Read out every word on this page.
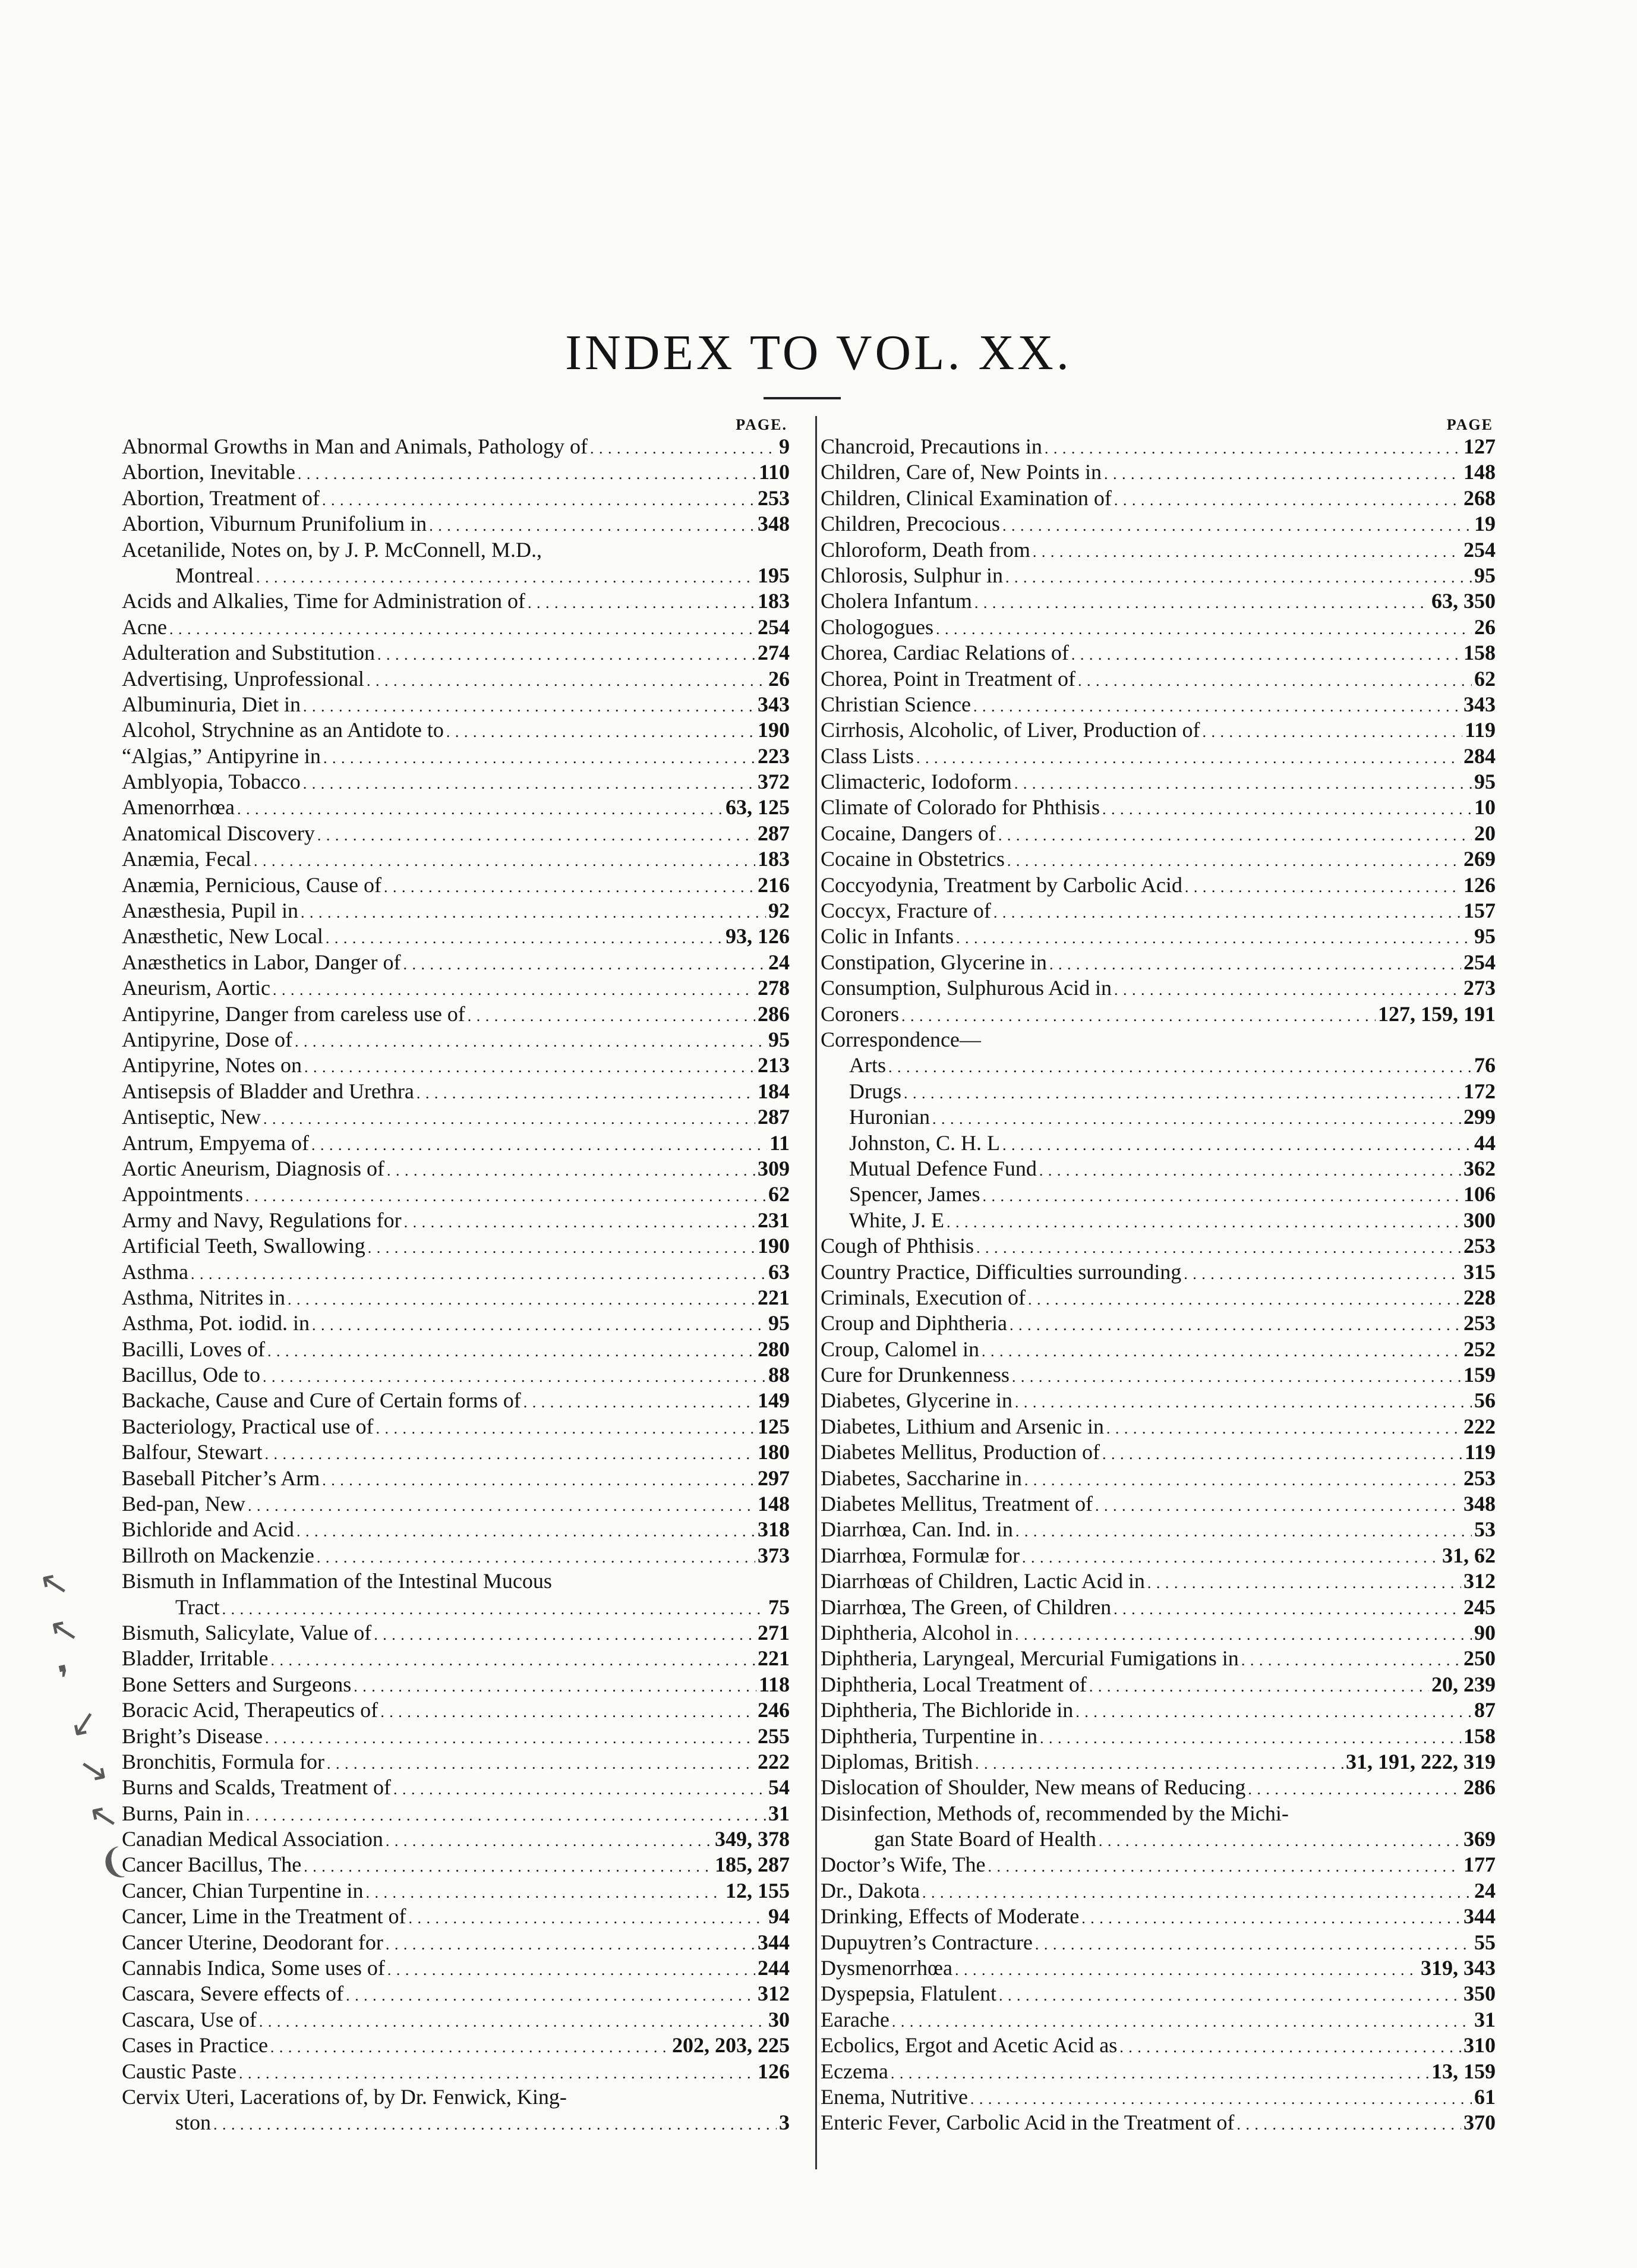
INDEX TO VOL. XX.
↖
↖
❜
↙
↘
↖
❨
PAGE.
Abnormal Growths in Man and Animals, Pathology of . . .	9
Abortion, Inevitable . . .	110
Abortion, Treatment of . . .	253
Abortion, Viburnum Prunifolium in . . .	348
Acetanilide, Notes on, by J. P. McConnell, M.D.,
Montreal . . .	195
Acids and Alkalies, Time for Administration of . . .	183
Acne . . .	254
Adulteration and Substitution . . .	274
Advertising, Unprofessional . . .	26
Albuminuria, Diet in . . .	343
Alcohol, Strychnine as an Antidote to . . .	190
“Algias,” Antipyrine in . . .	223
Amblyopia, Tobacco . . .	372
Amenorrhœa . . .	63, 125
Anatomical Discovery . . .	287
Anæmia, Fecal . . .	183
Anæmia, Pernicious, Cause of . . .	216
Anæsthesia, Pupil in . . .	92
Anæsthetic, New Local . . .	93, 126
Anæsthetics in Labor, Danger of . . .	24
Aneurism, Aortic . . .	278
Antipyrine, Danger from careless use of . . .	286
Antipyrine, Dose of . . .	95
Antipyrine, Notes on . . .	213
Antisepsis of Bladder and Urethra . . .	184
Antiseptic, New . . .	287
Antrum, Empyema of . . .	11
Aortic Aneurism, Diagnosis of . . .	309
Appointments . . .	62
Army and Navy, Regulations for . . .	231
Artificial Teeth, Swallowing . . .	190
Asthma . . .	63
Asthma, Nitrites in . . .	221
Asthma, Pot. iodid. in . . .	95
Bacilli, Loves of . . .	280
Bacillus, Ode to . . .	88
Backache, Cause and Cure of Certain forms of . . .	149
Bacteriology, Practical use of . . .	125
Balfour, Stewart . . .	180
Baseball Pitcher’s Arm . . .	297
Bed-pan, New . . .	148
Bichloride and Acid . . .	318
Billroth on Mackenzie . . .	373
Bismuth in Inflammation of the Intestinal Mucous
Tract . . .	75
Bismuth, Salicylate, Value of . . .	271
Bladder, Irritable . . .	221
Bone Setters and Surgeons . . .	118
Boracic Acid, Therapeutics of . . .	246
Bright’s Disease . . .	255
Bronchitis, Formula for . . .	222
Burns and Scalds, Treatment of . . .	54
Burns, Pain in . . .	31
Canadian Medical Association . . .	349, 378
Cancer Bacillus, The . . .	185, 287
Cancer, Chian Turpentine in . . .	12, 155
Cancer, Lime in the Treatment of . . .	94
Cancer Uterine, Deodorant for . . .	344
Cannabis Indica, Some uses of . . .	244
Cascara, Severe effects of . . .	312
Cascara, Use of . . .	30
Cases in Practice . . .	202, 203, 225
Caustic Paste . . .	126
Cervix Uteri, Lacerations of, by Dr. Fenwick, King-
ston . . .	3
PAGE
Chancroid, Precautions in . . .	127
Children, Care of, New Points in . . .	148
Children, Clinical Examination of . . .	268
Children, Precocious . . .	19
Chloroform, Death from . . .	254
Chlorosis, Sulphur in . . .	95
Cholera Infantum . . .	63, 350
Chologogues . . .	26
Chorea, Cardiac Relations of . . .	158
Chorea, Point in Treatment of . . .	62
Christian Science . . .	343
Cirrhosis, Alcoholic, of Liver, Production of . . .	119
Class Lists . . .	284
Climacteric, Iodoform . . .	95
Climate of Colorado for Phthisis . . .	10
Cocaine, Dangers of . . .	20
Cocaine in Obstetrics . . .	269
Coccyodynia, Treatment by Carbolic Acid . . .	126
Coccyx, Fracture of . . .	157
Colic in Infants . . .	95
Constipation, Glycerine in . . .	254
Consumption, Sulphurous Acid in . . .	273
Coroners . . .	127, 159, 191
Correspondence—
Arts . . .	76
Drugs . . .	172
Huronian . . .	299
Johnston, C. H. L . . .	44
Mutual Defence Fund . . .	362
Spencer, James . . .	106
White, J. E . . .	300
Cough of Phthisis . . .	253
Country Practice, Difficulties surrounding . . .	315
Criminals, Execution of . . .	228
Croup and Diphtheria . . .	253
Croup, Calomel in . . .	252
Cure for Drunkenness . . .	159
Diabetes, Glycerine in . . .	56
Diabetes, Lithium and Arsenic in . . .	222
Diabetes Mellitus, Production of . . .	119
Diabetes, Saccharine in . . .	253
Diabetes Mellitus, Treatment of . . .	348
Diarrhœa, Can. Ind. in . . .	53
Diarrhœa, Formulæ for . . .	31, 62
Diarrhœas of Children, Lactic Acid in . . .	312
Diarrhœa, The Green, of Children . . .	245
Diphtheria, Alcohol in . . .	90
Diphtheria, Laryngeal, Mercurial Fumigations in . . .	250
Diphtheria, Local Treatment of . . .	20, 239
Diphtheria, The Bichloride in . . .	87
Diphtheria, Turpentine in . . .	158
Diplomas, British . . .	31, 191, 222, 319
Dislocation of Shoulder, New means of Reducing . . .	286
Disinfection, Methods of, recommended by the Michi-
gan State Board of Health . . .	369
Doctor’s Wife, The . . .	177
Dr., Dakota . . .	24
Drinking, Effects of Moderate . . .	344
Dupuytren’s Contracture . . .	55
Dysmenorrhœa . . .	319, 343
Dyspepsia, Flatulent . . .	350
Earache . . .	31
Ecbolics, Ergot and Acetic Acid as . . .	310
Eczema . . .	13, 159
Enema, Nutritive . . .	61
Enteric Fever, Carbolic Acid in the Treatment of . . .	370
